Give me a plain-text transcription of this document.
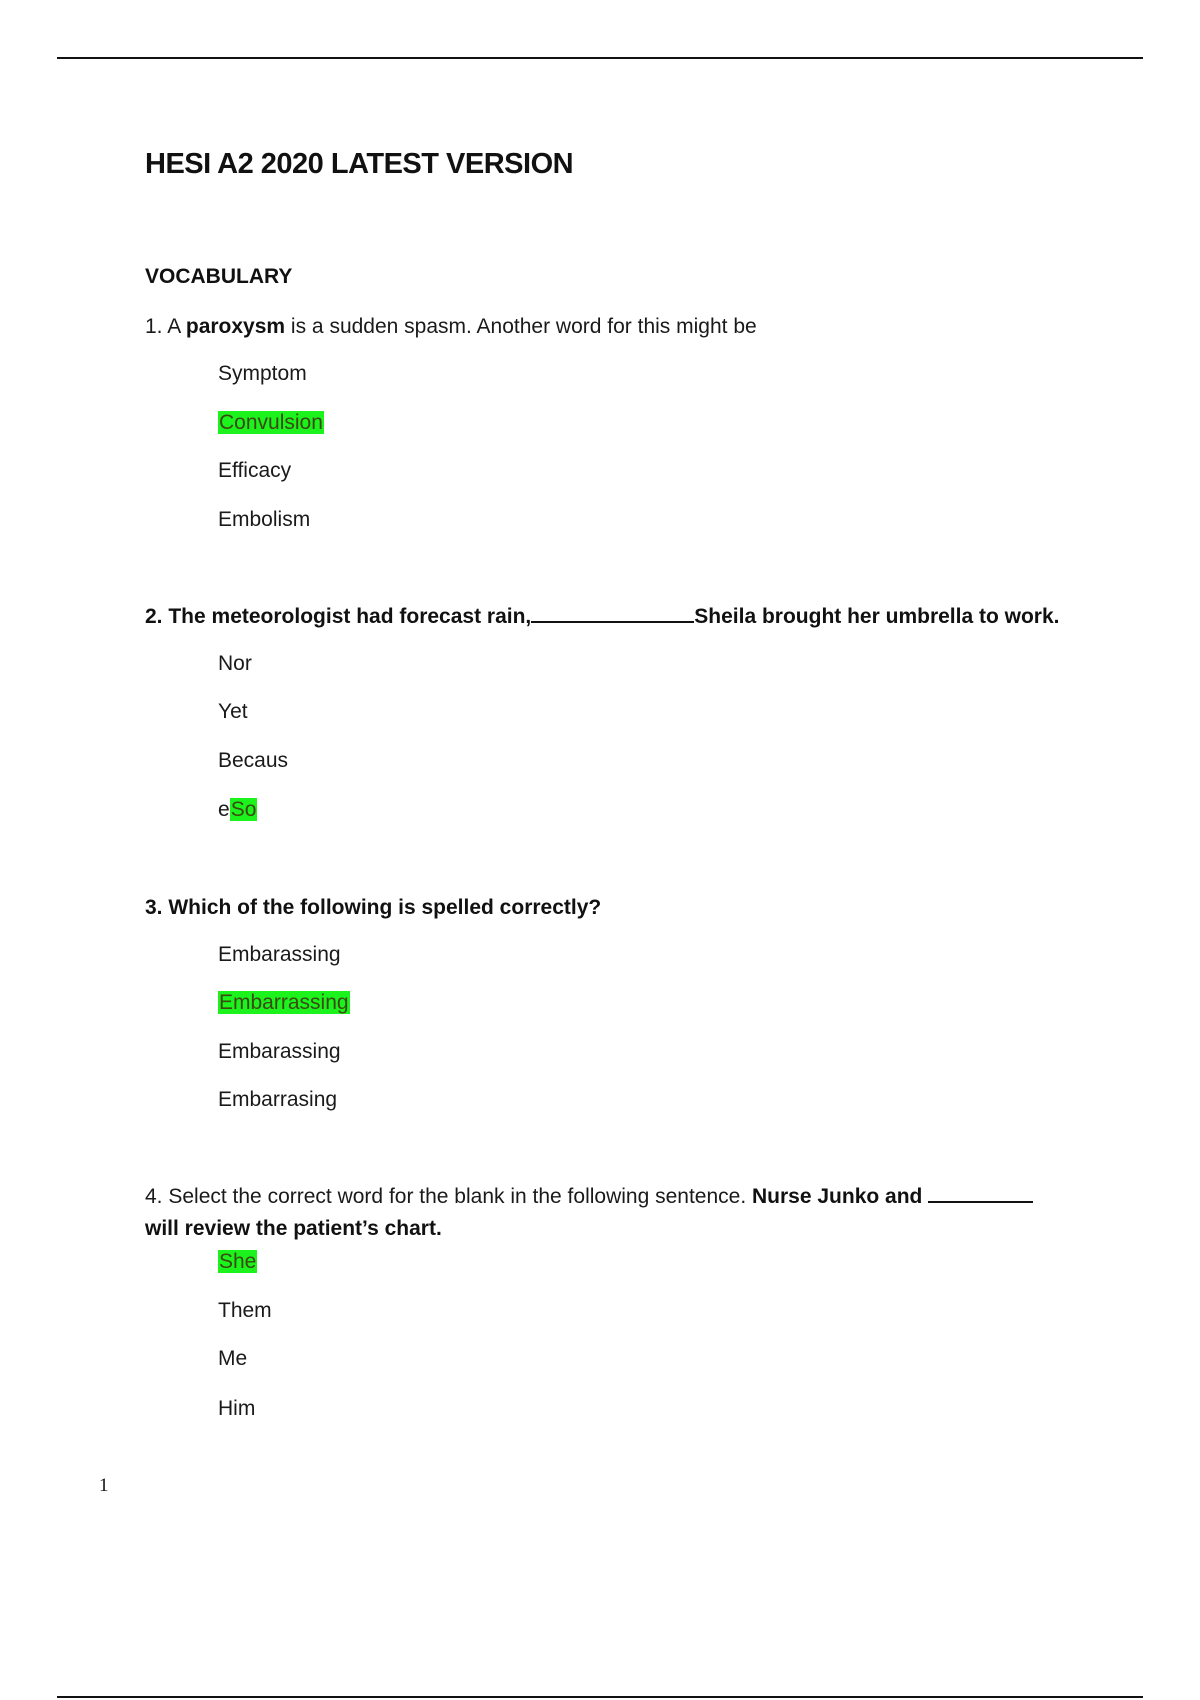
HESI A2 2020 LATEST VERSION
VOCABULARY

1. A paroxysm is a sudden spasm. Another word for this might be

Symptom
Convulsion
Efficacy
Embolism

2. The meteorologist had forecast rain,	Sheila brought her umbrella to work.

Nor
Yet
Becaus
eSo

3. Which of the following is spelled correctly?

Embarassing
Embarrassing
Embarassing
Embarrasing

4. Select the correct word for the blank in the following sentence. Nurse Junko and
will review the patient’s chart.

She
Them
Me
Him
1
